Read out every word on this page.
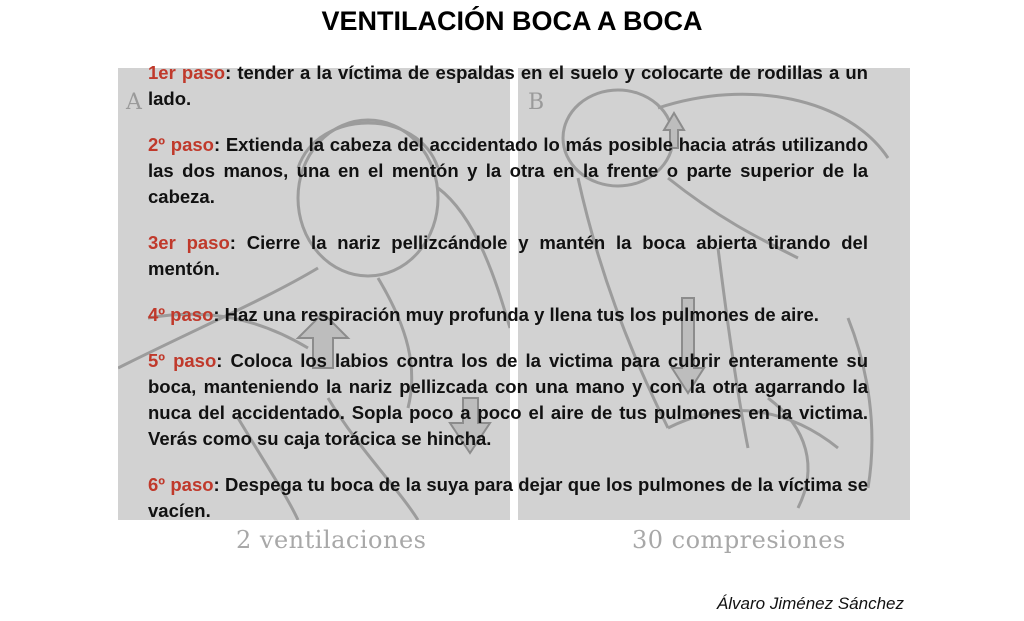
A	B
2 ventilaciones	30 compresiones
VENTILACIÓN BOCA A BOCA

1er paso: tender a la víctima de espaldas en el suelo y colocarte de rodillas a un lado.

2º paso: Extienda la cabeza del accidentado lo más posible hacia atrás utilizando las dos manos, una en el mentón y la otra en la frente o parte superior de la cabeza.

3er paso: Cierre la nariz pellizcándole y mantén la boca abierta tirando del mentón.

4º paso: Haz una respiración muy profunda y llena tus los pulmones de aire.

5º paso: Coloca los labios contra los de la victima para cubrir enteramente su boca, manteniendo la nariz pellizcada con una mano y con la otra agarrando la nuca del accidentado. Sopla poco a poco el aire de tus pulmones en la victima. Verás como su caja torácica se hincha.

6º paso: Despega tu boca de la suya para dejar que los pulmones de la víctima se vacíen.

Álvaro Jiménez Sánchez
